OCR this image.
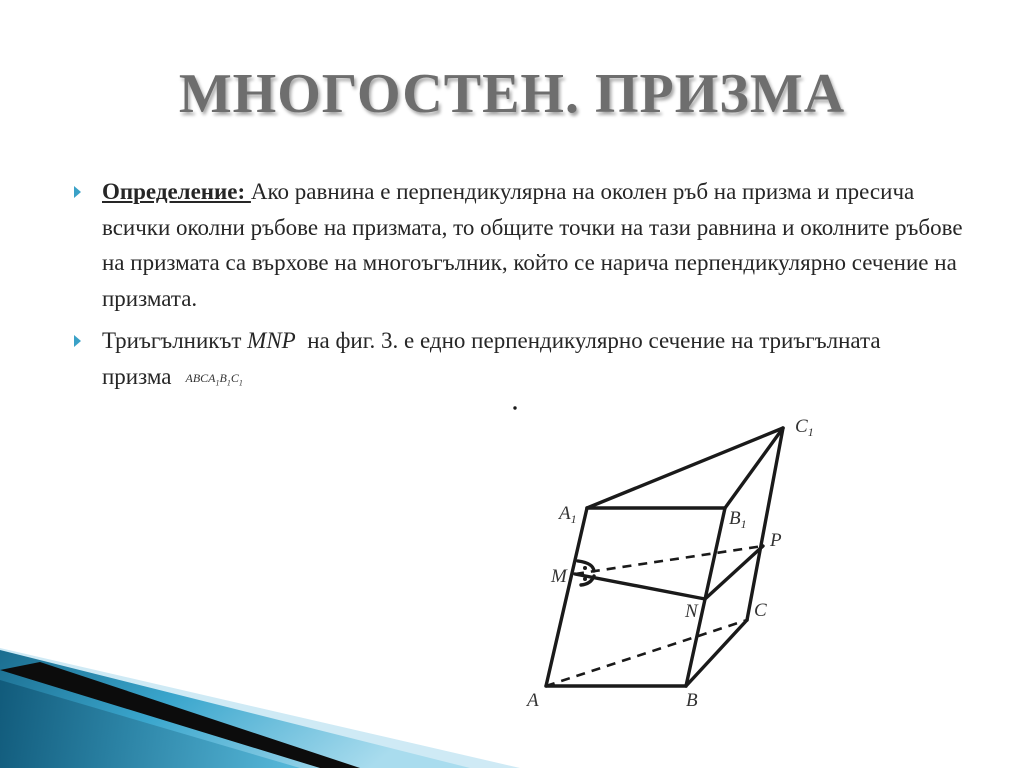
МНОГОСТЕН. ПРИЗМА
Определение: Ако равнина е перпендикулярна на околен ръб на призма и пресича всички околни ръбове на призмата, то общите точки на тази равнина и околните ръбове на призмата са върхове на многоъгълник, който се нарича перпендикулярно сечение на призмата.
Триъгълникът MNP  на фиг. 3. е едно перпендикулярно сечение на триъгълната призма $ABCA_1B_1C_1$
A	B
C
$A_1$	$B_1$
$C_1$
M
N
P
